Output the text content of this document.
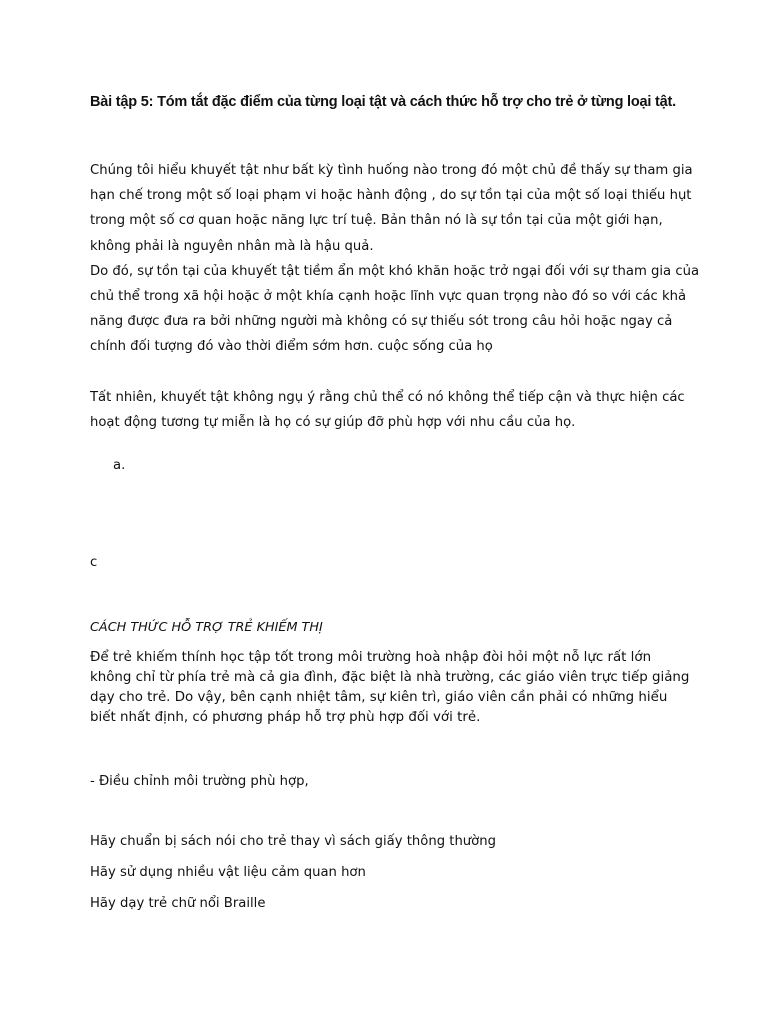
Bài tập 5: Tóm tắt đặc điểm của từng loại tật và cách thức hỗ trợ cho trẻ ở từng loại tật.
Chúng tôi hiểu khuyết tật như bất kỳ tình huống nào trong đó một chủ đề thấy sự tham gia hạn chế trong một số loại phạm vi hoặc hành động , do sự tồn tại của một số loại thiếu hụt trong một số cơ quan hoặc năng lực trí tuệ. Bản thân nó là sự tồn tại của một giới hạn, không phải là nguyên nhân mà là hậu quả.
Do đó, sự tồn tại của khuyết tật tiềm ẩn một khó khăn hoặc trở ngại đối với sự tham gia của chủ thể trong xã hội hoặc ở một khía cạnh hoặc lĩnh vực quan trọng nào đó so với các khả năng được đưa ra bởi những người mà không có sự thiếu sót trong câu hỏi hoặc ngay cả chính đối tượng đó vào thời điểm sớm hơn. cuộc sống của họ

Tất nhiên, khuyết tật không ngụ ý rằng chủ thể có nó không thể tiếp cận và thực hiện các hoạt động tương tự miễn là họ có sự giúp đỡ phù hợp với nhu cầu của họ.

a.
c
CÁCH THỨC HỖ TRỢ TRẺ KHIẾM THỊ

Để trẻ khiếm thính học tập tốt trong môi trường hoà nhập đòi hỏi một nỗ lực rất lớn không chỉ từ phía trẻ mà cả gia đình, đặc biệt là nhà trường, các giáo viên trực tiếp giảng dạy cho trẻ. Do vậy, bên cạnh nhiệt tâm, sự kiên trì, giáo viên cần phải có những hiểu biết nhất định, có phương pháp hỗ trợ phù hợp đối với trẻ.

- Điều chỉnh môi trường phù hợp,
Hãy chuẩn bị sách nói cho trẻ thay vì sách giấy thông thường
Hãy sử dụng nhiều vật liệu cảm quan hơn
Hãy dạy trẻ chữ nổi Braille
